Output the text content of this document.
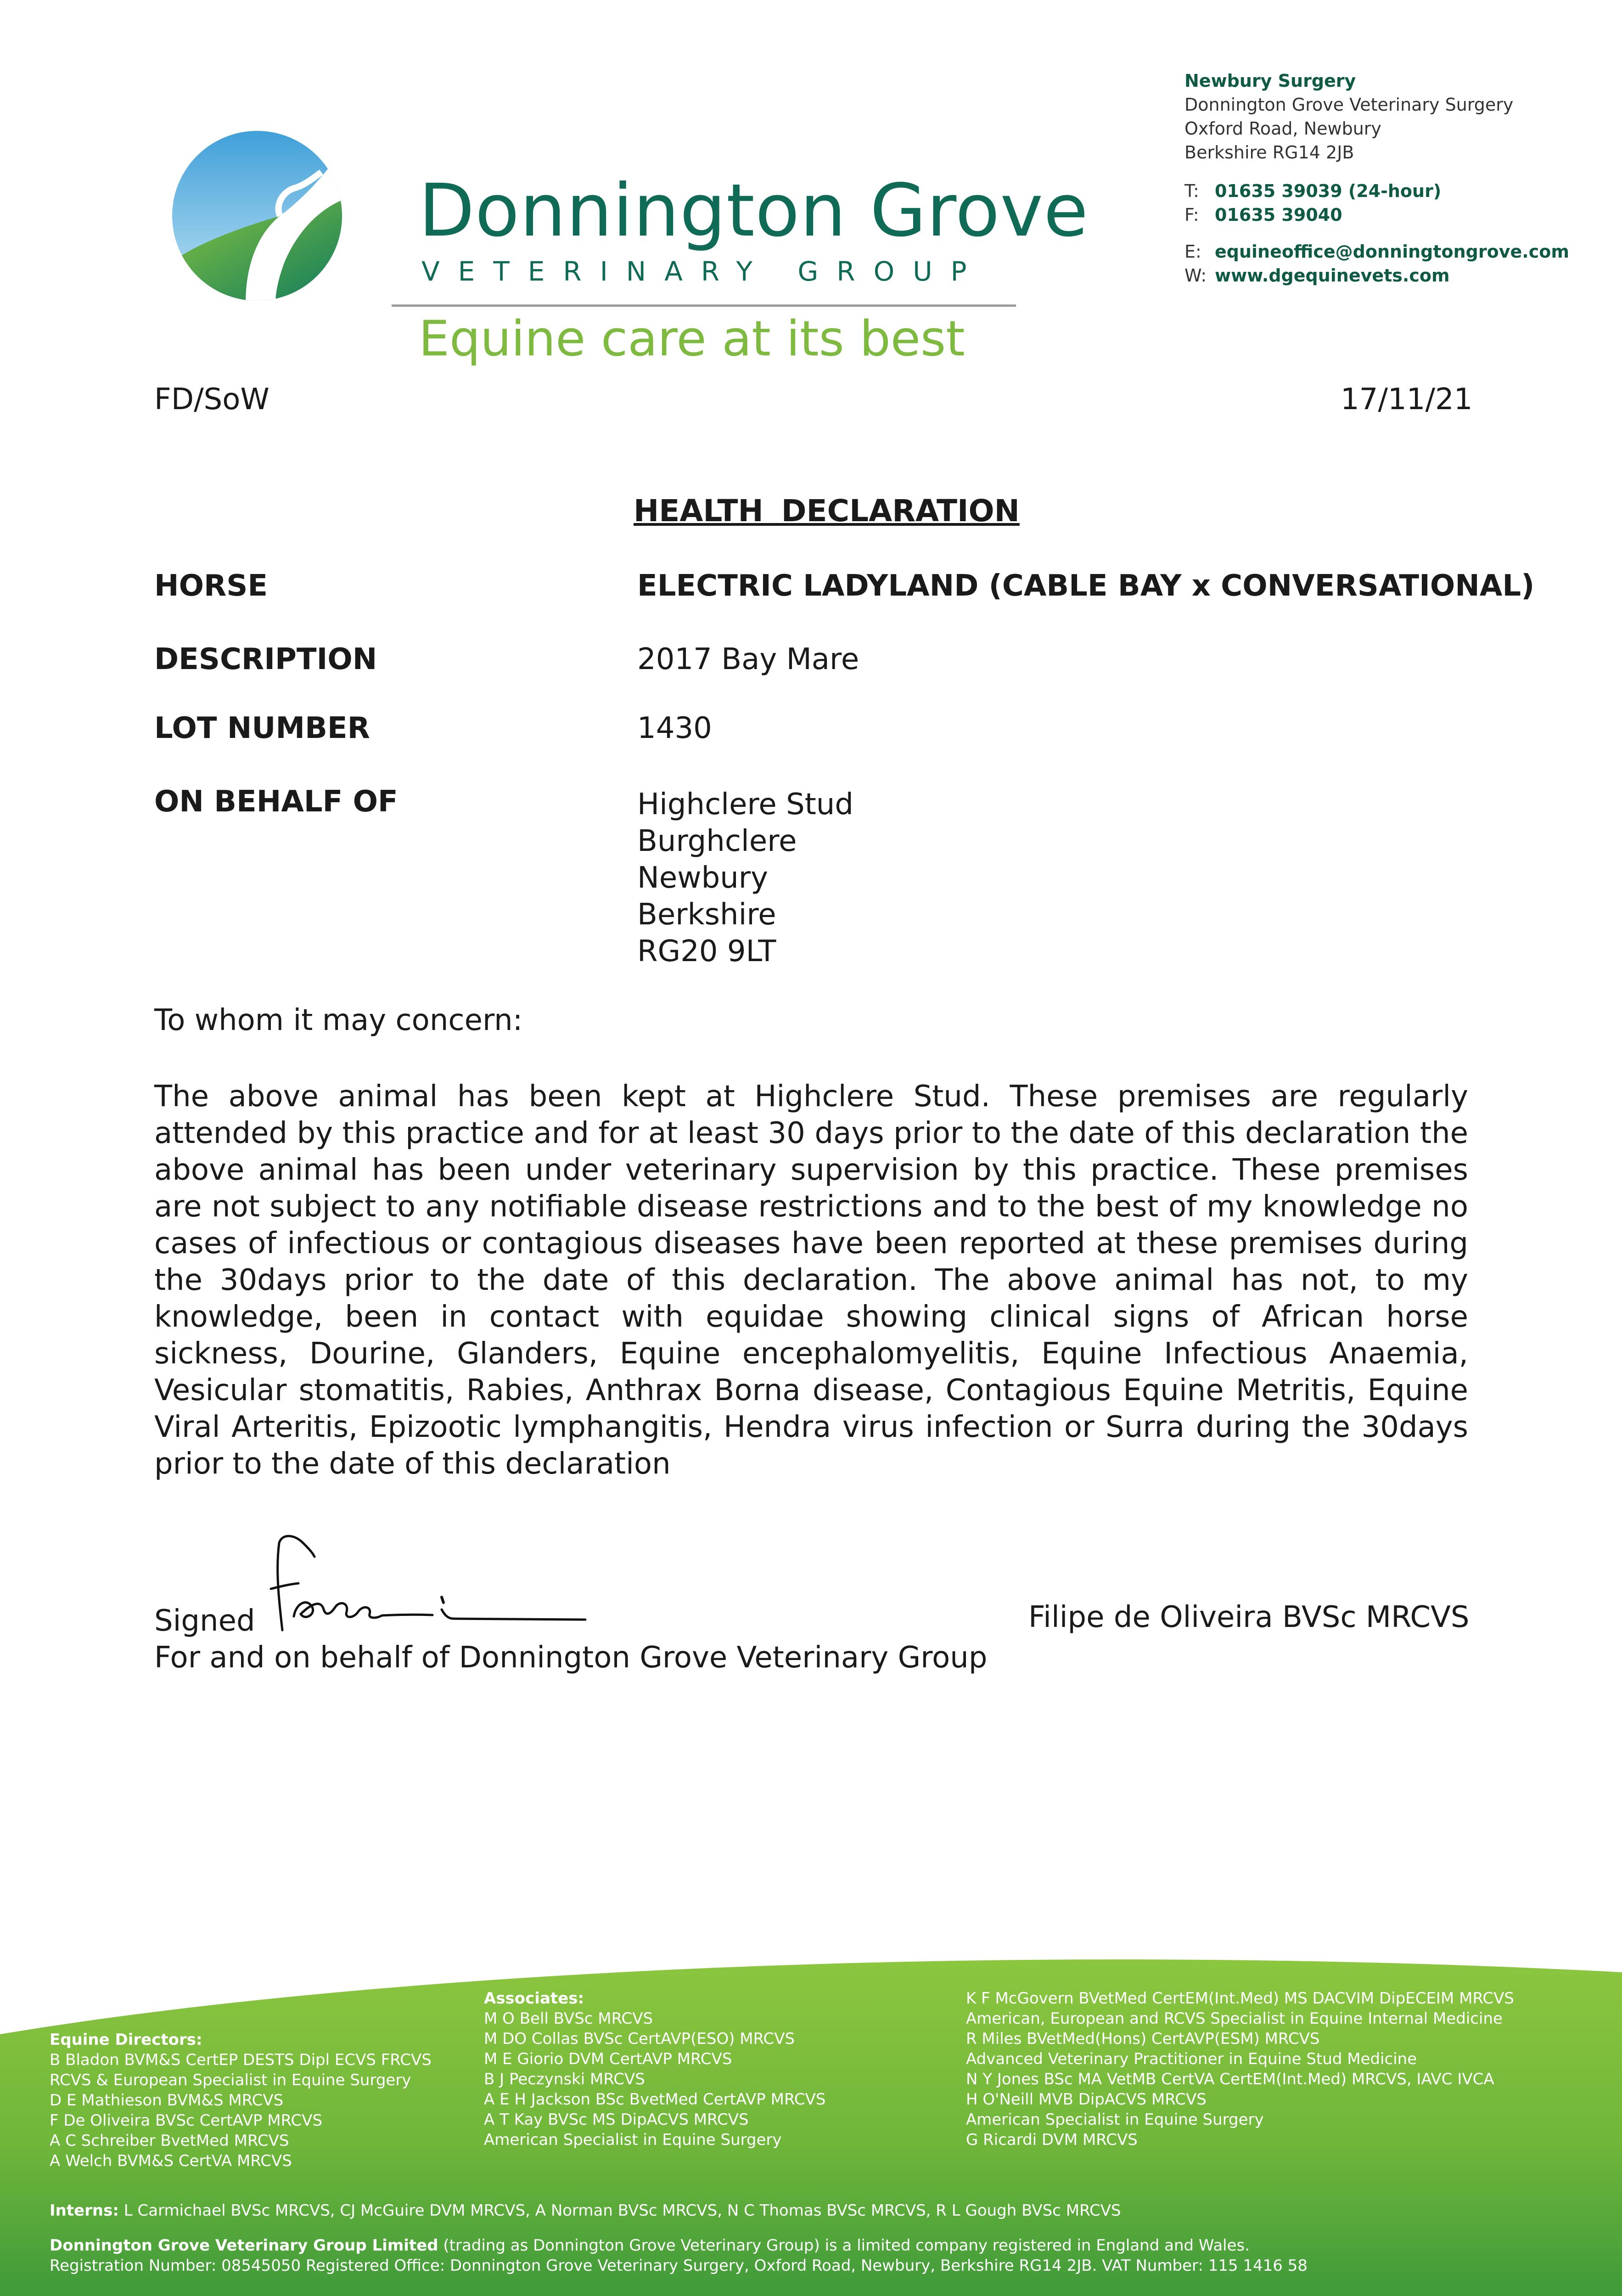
Donnington Grove
VETERINARY GROUP
Equine care at its best
Newbury Surgery
Donnington Grove Veterinary Surgery
Oxford Road, Newbury
Berkshire RG14 2JB
T: 01635 39039 (24-hour)
F: 01635 39040
E: equineoffice@donningtongrove.com
W: www.dgequinevets.com
FD/SoW	17/11/21
HEALTH DECLARATION
HORSE	ELECTRIC LADYLAND (CABLE BAY x CONVERSATIONAL)
DESCRIPTION	2017 Bay Mare
LOT NUMBER	1430
ON BEHALF OF	Highclere Stud
Burghclere
Newbury
Berkshire
RG20 9LT
To whom it may concern:
The above animal has been kept at Highclere Stud. These premises are regularly attended by this practice and for at least 30 days prior to the date of this declaration the above animal has been under veterinary supervision by this practice. These premises are not subject to any notifiable disease restrictions and to the best of my knowledge no cases of infectious or contagious diseases have been reported at these premises during the 30days prior to the date of this declaration. The above animal has not, to my knowledge, been in contact with equidae showing clinical signs of African horse sickness, Dourine, Glanders, Equine encephalomyelitis, Equine Infectious Anaemia, Vesicular stomatitis, Rabies, Anthrax Borna disease, Contagious Equine Metritis, Equine Viral Arteritis, Epizootic lymphangitis, Hendra virus infection or Surra during the 30days prior to the date of this declaration
Signed	Filipe de Oliveira BVSc MRCVS
For and on behalf of Donnington Grove Veterinary Group
Equine Directors:
B Bladon BVM&S CertEP DESTS Dipl ECVS FRCVS
RCVS & European Specialist in Equine Surgery
D E Mathieson BVM&S MRCVS
F De Oliveira BVSc CertAVP MRCVS
A C Schreiber BvetMed MRCVS
A Welch BVM&S CertVA MRCVS
Associates:
M O Bell BVSc MRCVS
M DO Collas BVSc CertAVP(ESO) MRCVS
M E Giorio DVM CertAVP MRCVS
B J Peczynski MRCVS
A E H Jackson BSc BvetMed CertAVP MRCVS
A T Kay BVSc MS DipACVS MRCVS
American Specialist in Equine Surgery
K F McGovern BVetMed CertEM(Int.Med) MS DACVIM DipECEIM MRCVS
American, European and RCVS Specialist in Equine Internal Medicine
R Miles BVetMed(Hons) CertAVP(ESM) MRCVS
Advanced Veterinary Practitioner in Equine Stud Medicine
N Y Jones BSc MA VetMB CertVA CertEM(Int.Med) MRCVS, IAVC IVCA
H O'Neill MVB DipACVS MRCVS
American Specialist in Equine Surgery
G Ricardi DVM MRCVS
Interns: L Carmichael BVSc MRCVS, CJ McGuire DVM MRCVS, A Norman BVSc MRCVS, N C Thomas BVSc MRCVS, R L Gough BVSc MRCVS
Donnington Grove Veterinary Group Limited (trading as Donnington Grove Veterinary Group) is a limited company registered in England and Wales.
Registration Number: 08545050 Registered Office: Donnington Grove Veterinary Surgery, Oxford Road, Newbury, Berkshire RG14 2JB. VAT Number: 115 1416 58
